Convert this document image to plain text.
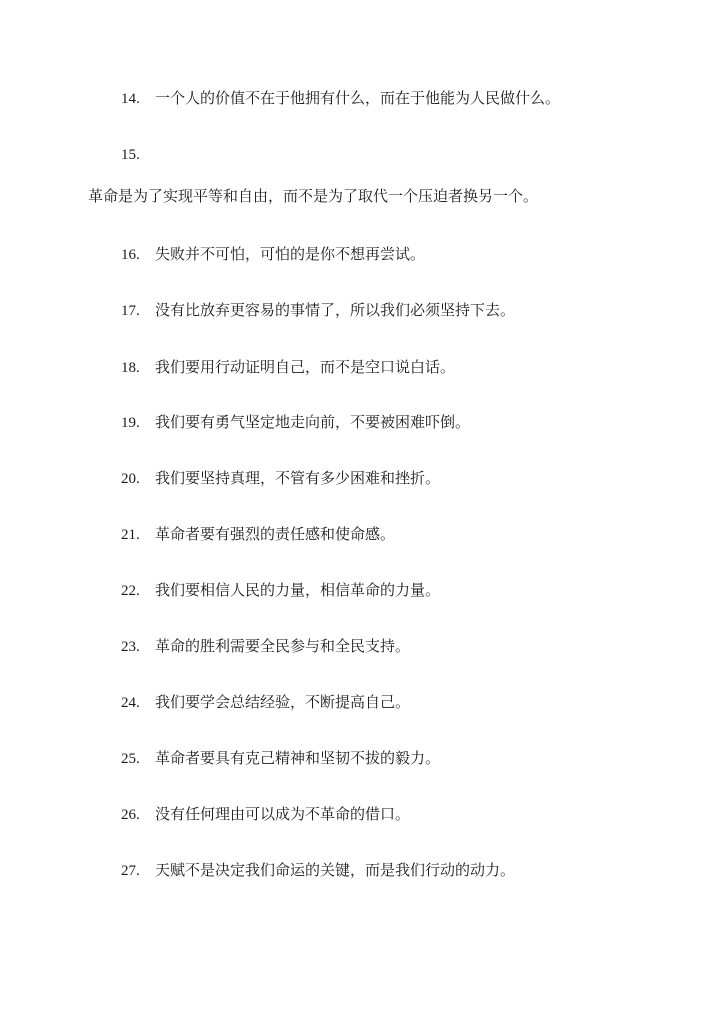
14. 一个人的价值不在于他拥有什么，而在于他能为人民做什么。
15.
革命是为了实现平等和自由，而不是为了取代一个压迫者换另一个。
16. 失败并不可怕，可怕的是你不想再尝试。
17. 没有比放弃更容易的事情了，所以我们必须坚持下去。
18. 我们要用行动证明自己，而不是空口说白话。
19. 我们要有勇气坚定地走向前，不要被困难吓倒。
20. 我们要坚持真理，不管有多少困难和挫折。
21. 革命者要有强烈的责任感和使命感。
22. 我们要相信人民的力量，相信革命的力量。
23. 革命的胜利需要全民参与和全民支持。
24. 我们要学会总结经验，不断提高自己。
25. 革命者要具有克己精神和坚韧不拔的毅力。
26. 没有任何理由可以成为不革命的借口。
27. 天赋不是决定我们命运的关键，而是我们行动的动力。
